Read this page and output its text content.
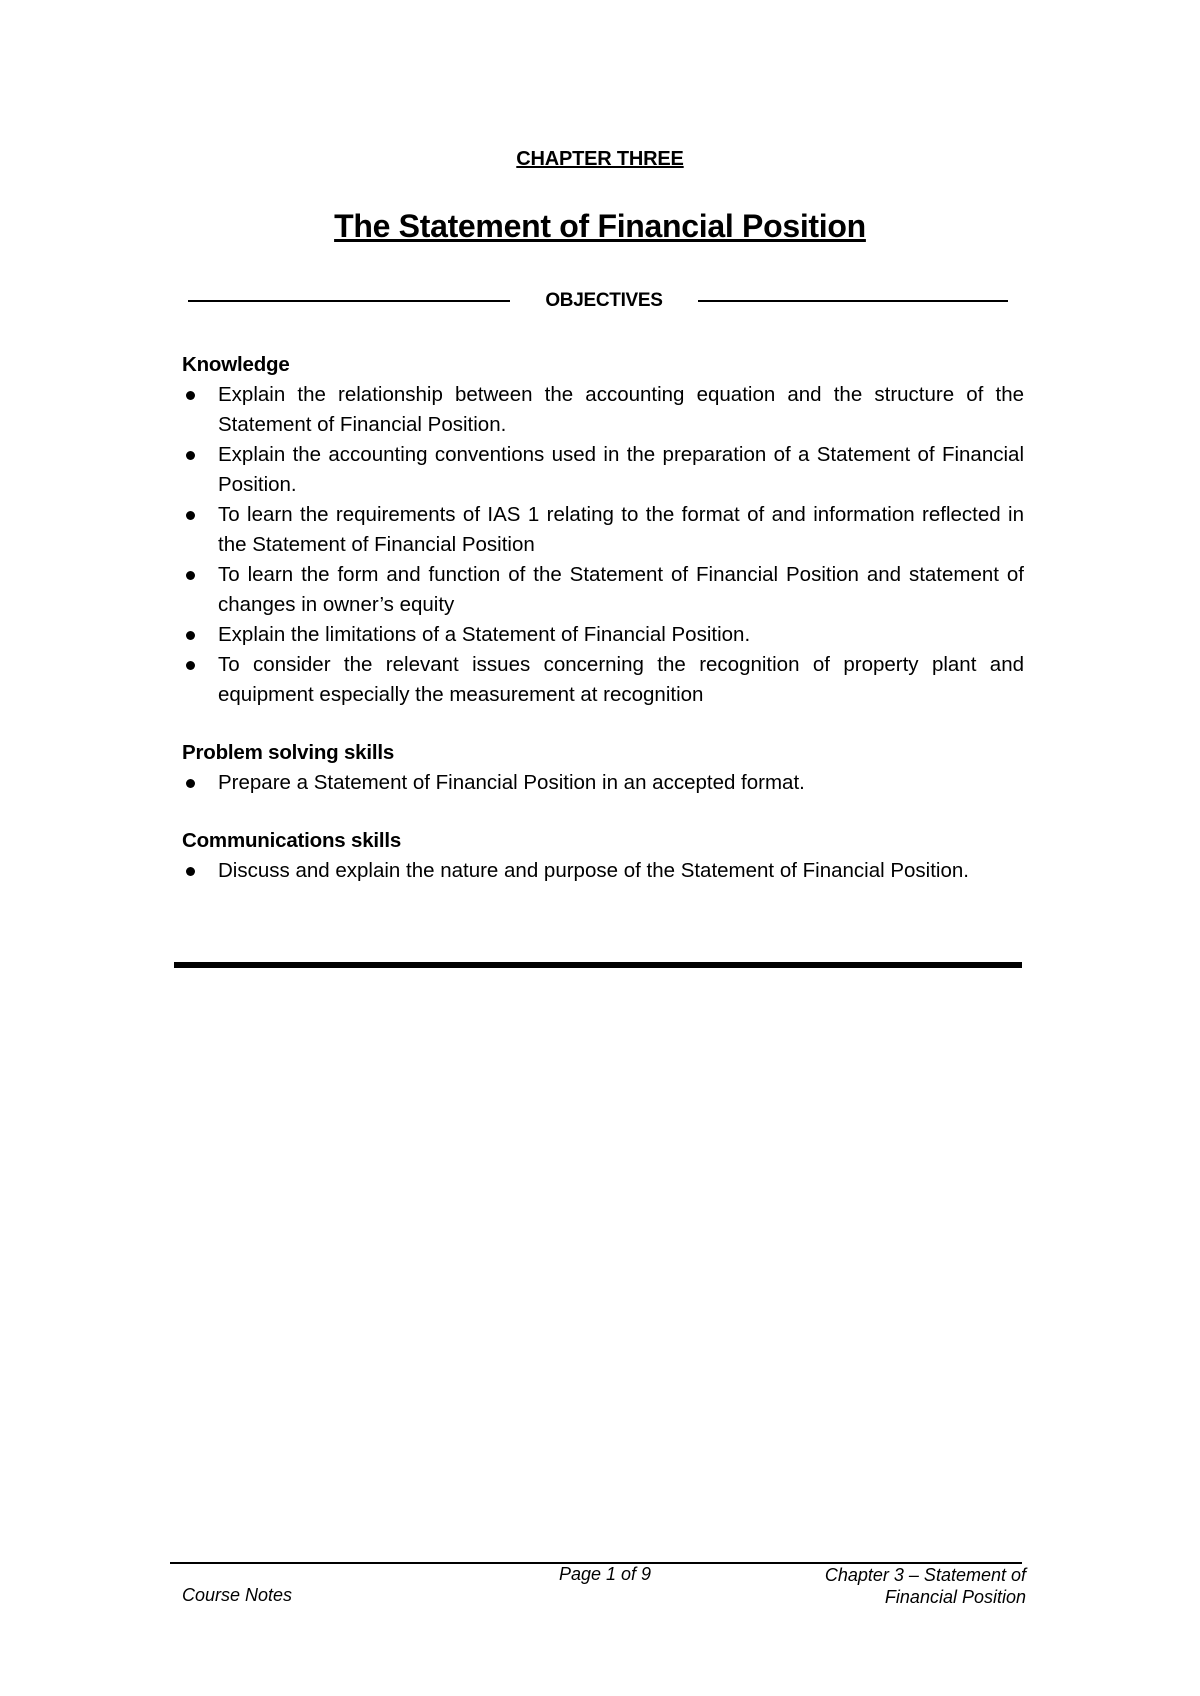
CHAPTER THREE
The Statement of Financial Position
OBJECTIVES
Knowledge
Explain the relationship between the accounting equation and the structure of the Statement of Financial Position.
Explain the accounting conventions used in the preparation of a Statement of Financial Position.
To learn the requirements of IAS 1 relating to the format of and information reflected in the Statement of Financial Position
To learn the form and function of the Statement of Financial Position and statement of changes in owner’s equity
Explain the limitations of a Statement of Financial Position.
To consider the relevant issues concerning the recognition of property plant and equipment especially the measurement at recognition
Problem solving skills
Prepare a Statement of Financial Position in an accepted format.
Communications skills
Discuss and explain the nature and purpose of the Statement of Financial Position.
Course Notes
Page 1 of 9	Chapter 3 – Statement of
Financial Position
